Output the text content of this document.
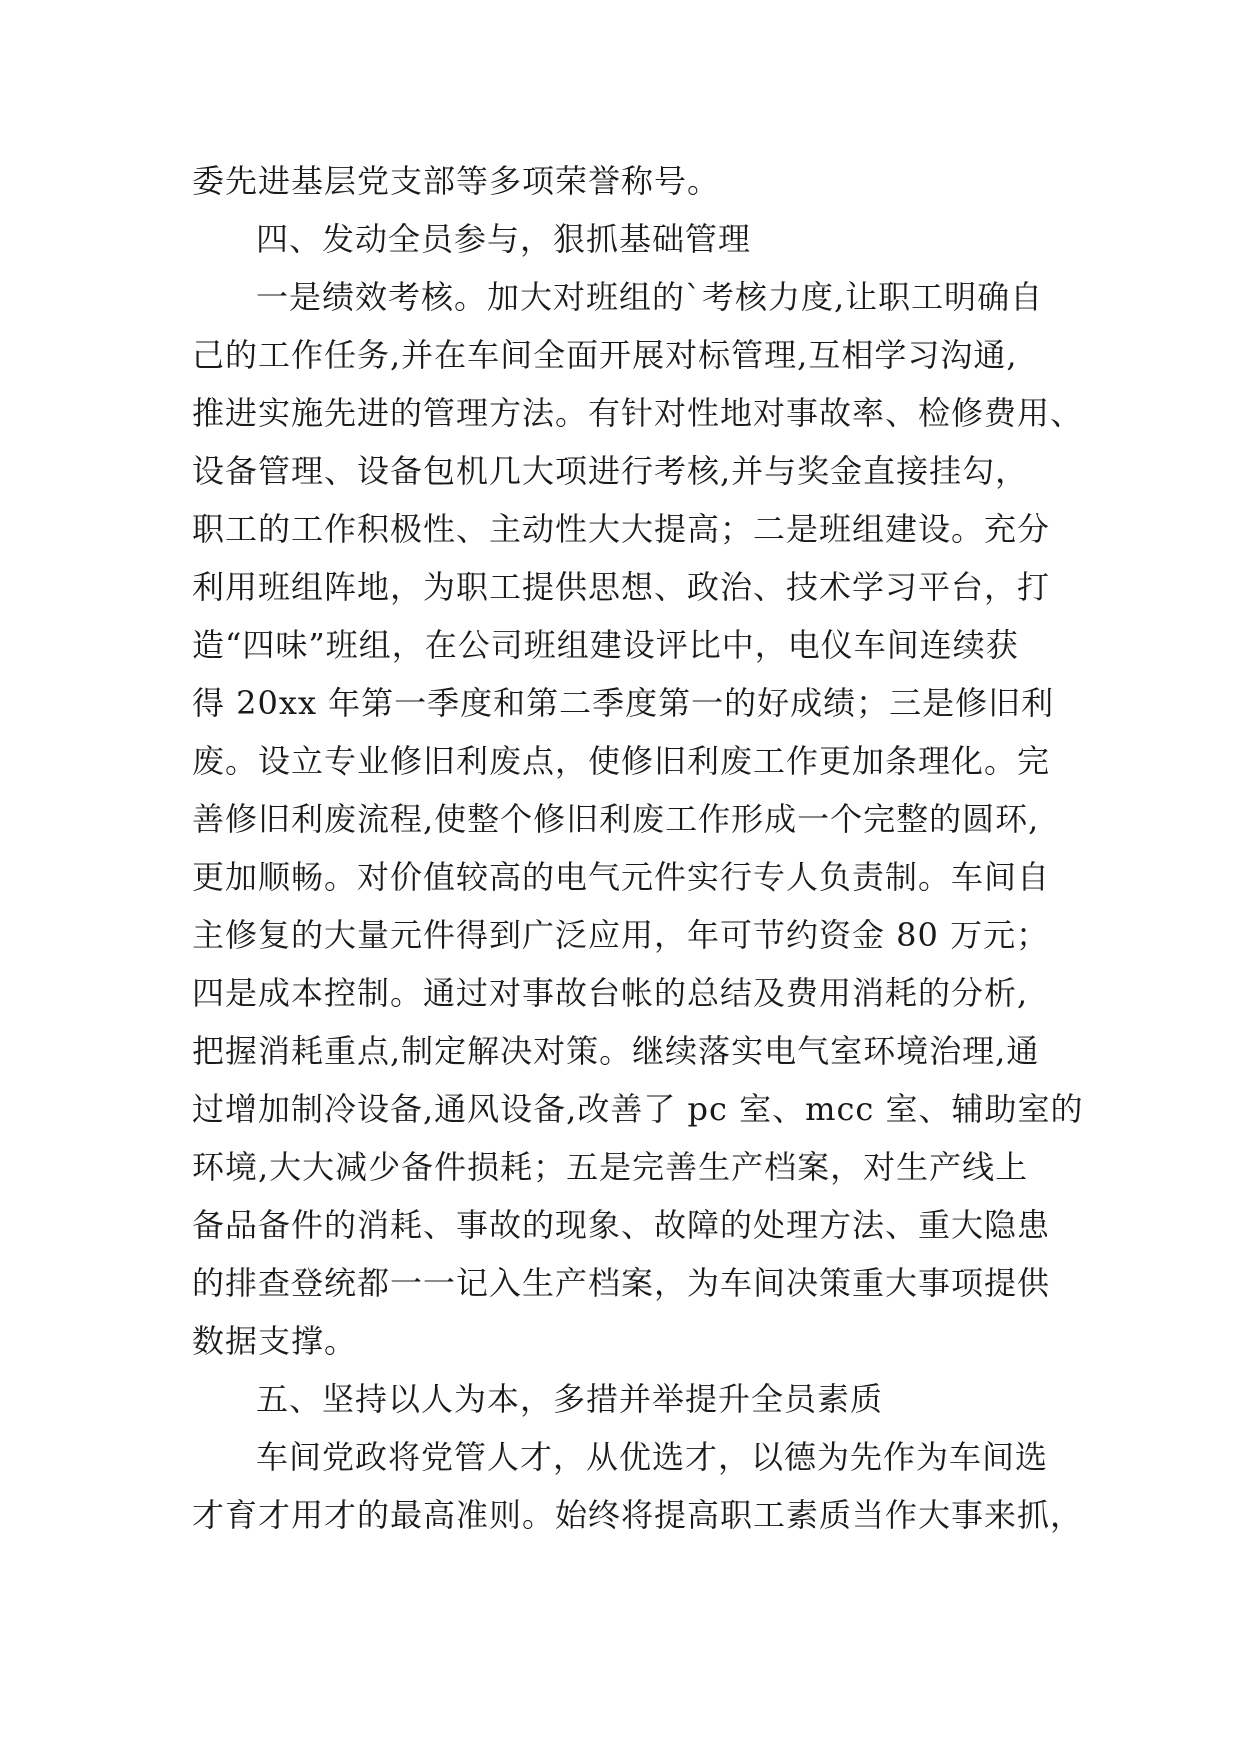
委先进基层党支部等多项荣誉称号。
四、发动全员参与，狠抓基础管理
一是绩效考核。加大对班组的`考核力度,让职工明确自
己的工作任务,并在车间全面开展对标管理,互相学习沟通,
推进实施先进的管理方法。有针对性地对事故率、检修费用、
设备管理、设备包机几大项进行考核,并与奖金直接挂勾，
职工的工作积极性、主动性大大提高；二是班组建设。充分
利用班组阵地，为职工提供思想、政治、技术学习平台，打
造“四味”班组，在公司班组建设评比中，电仪车间连续获
得 20xx 年第一季度和第二季度第一的好成绩；三是修旧利
废。设立专业修旧利废点，使修旧利废工作更加条理化。完
善修旧利废流程,使整个修旧利废工作形成一个完整的圆环,
更加顺畅。对价值较高的电气元件实行专人负责制。车间自
主修复的大量元件得到广泛应用，年可节约资金 80 万元；
四是成本控制。通过对事故台帐的总结及费用消耗的分析,
把握消耗重点,制定解决对策。继续落实电气室环境治理,通
过增加制冷设备,通风设备,改善了 pc 室、mcc 室、辅助室的
环境,大大减少备件损耗；五是完善生产档案，对生产线上
备品备件的消耗、事故的现象、故障的处理方法、重大隐患
的排查登统都一一记入生产档案，为车间决策重大事项提供
数据支撑。
五、坚持以人为本，多措并举提升全员素质
车间党政将党管人才，从优选才，以德为先作为车间选
才育才用才的最高准则。始终将提高职工素质当作大事来抓，
